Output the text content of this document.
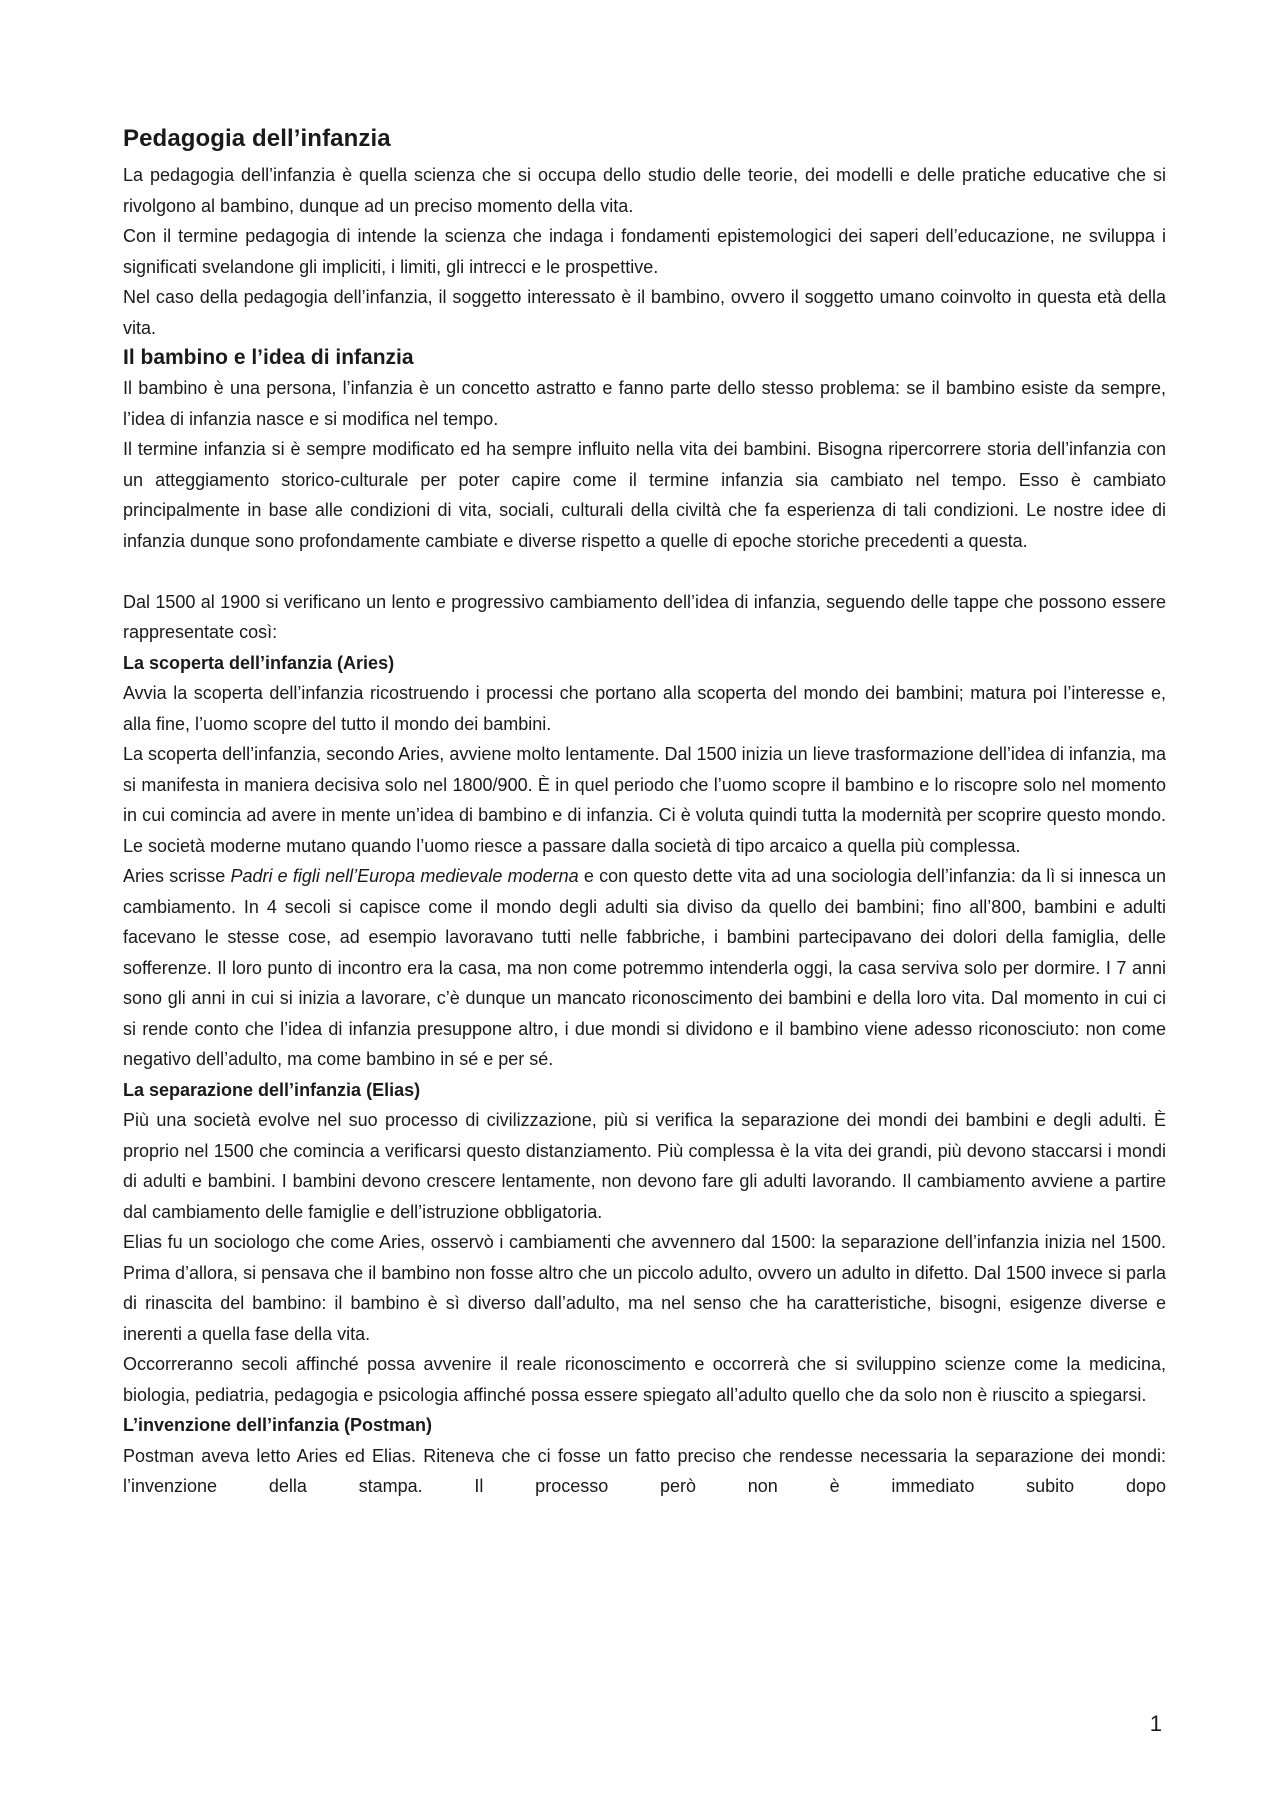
Pedagogia dell’infanzia

La pedagogia dell’infanzia è quella scienza che si occupa dello studio delle teorie, dei modelli e delle pratiche educative che si rivolgono al bambino, dunque ad un preciso momento della vita.

Con il termine pedagogia di intende la scienza che indaga i fondamenti epistemologici dei saperi dell’educazione, ne sviluppa i significati svelandone gli impliciti, i limiti, gli intrecci e le prospettive.

Nel caso della pedagogia dell’infanzia, il soggetto interessato è il bambino, ovvero il soggetto umano coinvolto in questa età della vita.

Il bambino e l’idea di infanzia

Il bambino è una persona, l’infanzia è un concetto astratto e fanno parte dello stesso problema: se il bambino esiste da sempre, l’idea di infanzia nasce e si modifica nel tempo.

Il termine infanzia si è sempre modificato ed ha sempre influito nella vita dei bambini. Bisogna ripercorrere storia dell’infanzia con un atteggiamento storico-culturale per poter capire come il termine infanzia sia cambiato nel tempo. Esso è cambiato principalmente in base alle condizioni di vita, sociali, culturali della civiltà che fa esperienza di tali condizioni. Le nostre idee di infanzia dunque sono profondamente cambiate e diverse rispetto a quelle di epoche storiche precedenti a questa.

Dal 1500 al 1900 si verificano un lento e progressivo cambiamento dell’idea di infanzia, seguendo delle tappe che possono essere rappresentate così:

La scoperta dell’infanzia (Aries)

Avvia la scoperta dell’infanzia ricostruendo i processi che portano alla scoperta del mondo dei bambini; matura poi l’interesse e, alla fine, l’uomo scopre del tutto il mondo dei bambini.

La scoperta dell’infanzia, secondo Aries, avviene molto lentamente. Dal 1500 inizia un lieve trasformazione dell’idea di infanzia, ma si manifesta in maniera decisiva solo nel 1800/900. È in quel periodo che l’uomo scopre il bambino e lo riscopre solo nel momento in cui comincia ad avere in mente un’idea di bambino e di infanzia. Ci è voluta quindi tutta la modernità per scoprire questo mondo. Le società moderne mutano quando l’uomo riesce a passare dalla società di tipo arcaico a quella più complessa.

Aries scrisse Padri e figli nell’Europa medievale moderna e con questo dette vita ad una sociologia dell’infanzia: da lì si innesca un cambiamento. In 4 secoli si capisce come il mondo degli adulti sia diviso da quello dei bambini; fino all’800, bambini e adulti facevano le stesse cose, ad esempio lavoravano tutti nelle fabbriche, i bambini partecipavano dei dolori della famiglia, delle sofferenze. Il loro punto di incontro era la casa, ma non come potremmo intenderla oggi, la casa serviva solo per dormire. I 7 anni sono gli anni in cui si inizia a lavorare, c’è dunque un mancato riconoscimento dei bambini e della loro vita. Dal momento in cui ci si rende conto che l’idea di infanzia presuppone altro, i due mondi si dividono e il bambino viene adesso riconosciuto: non come negativo dell’adulto, ma come bambino in sé e per sé.

La separazione dell’infanzia (Elias)

Più una società evolve nel suo processo di civilizzazione, più si verifica la separazione dei mondi dei bambini e degli adulti. È proprio nel 1500 che comincia a verificarsi questo distanziamento. Più complessa è la vita dei grandi, più devono staccarsi i mondi di adulti e bambini. I bambini devono crescere lentamente, non devono fare gli adulti lavorando. Il cambiamento avviene a partire dal cambiamento delle famiglie e dell’istruzione obbligatoria.

Elias fu un sociologo che come Aries, osservò i cambiamenti che avvennero dal 1500: la separazione dell’infanzia inizia nel 1500. Prima d’allora, si pensava che il bambino non fosse altro che un piccolo adulto, ovvero un adulto in difetto. Dal 1500 invece si parla di rinascita del bambino: il bambino è sì diverso dall’adulto, ma nel senso che ha caratteristiche, bisogni, esigenze diverse e inerenti a quella fase della vita.

Occorreranno secoli affinché possa avvenire il reale riconoscimento e occorrerà che si sviluppino scienze come la medicina, biologia, pediatria, pedagogia e psicologia affinché possa essere spiegato all’adulto quello che da solo non è riuscito a spiegarsi.

L’invenzione dell’infanzia (Postman)

Postman aveva letto Aries ed Elias. Riteneva che ci fosse un fatto preciso che rendesse necessaria la separazione dei mondi: l’invenzione della stampa. Il processo però non è immediato subito dopo

1
